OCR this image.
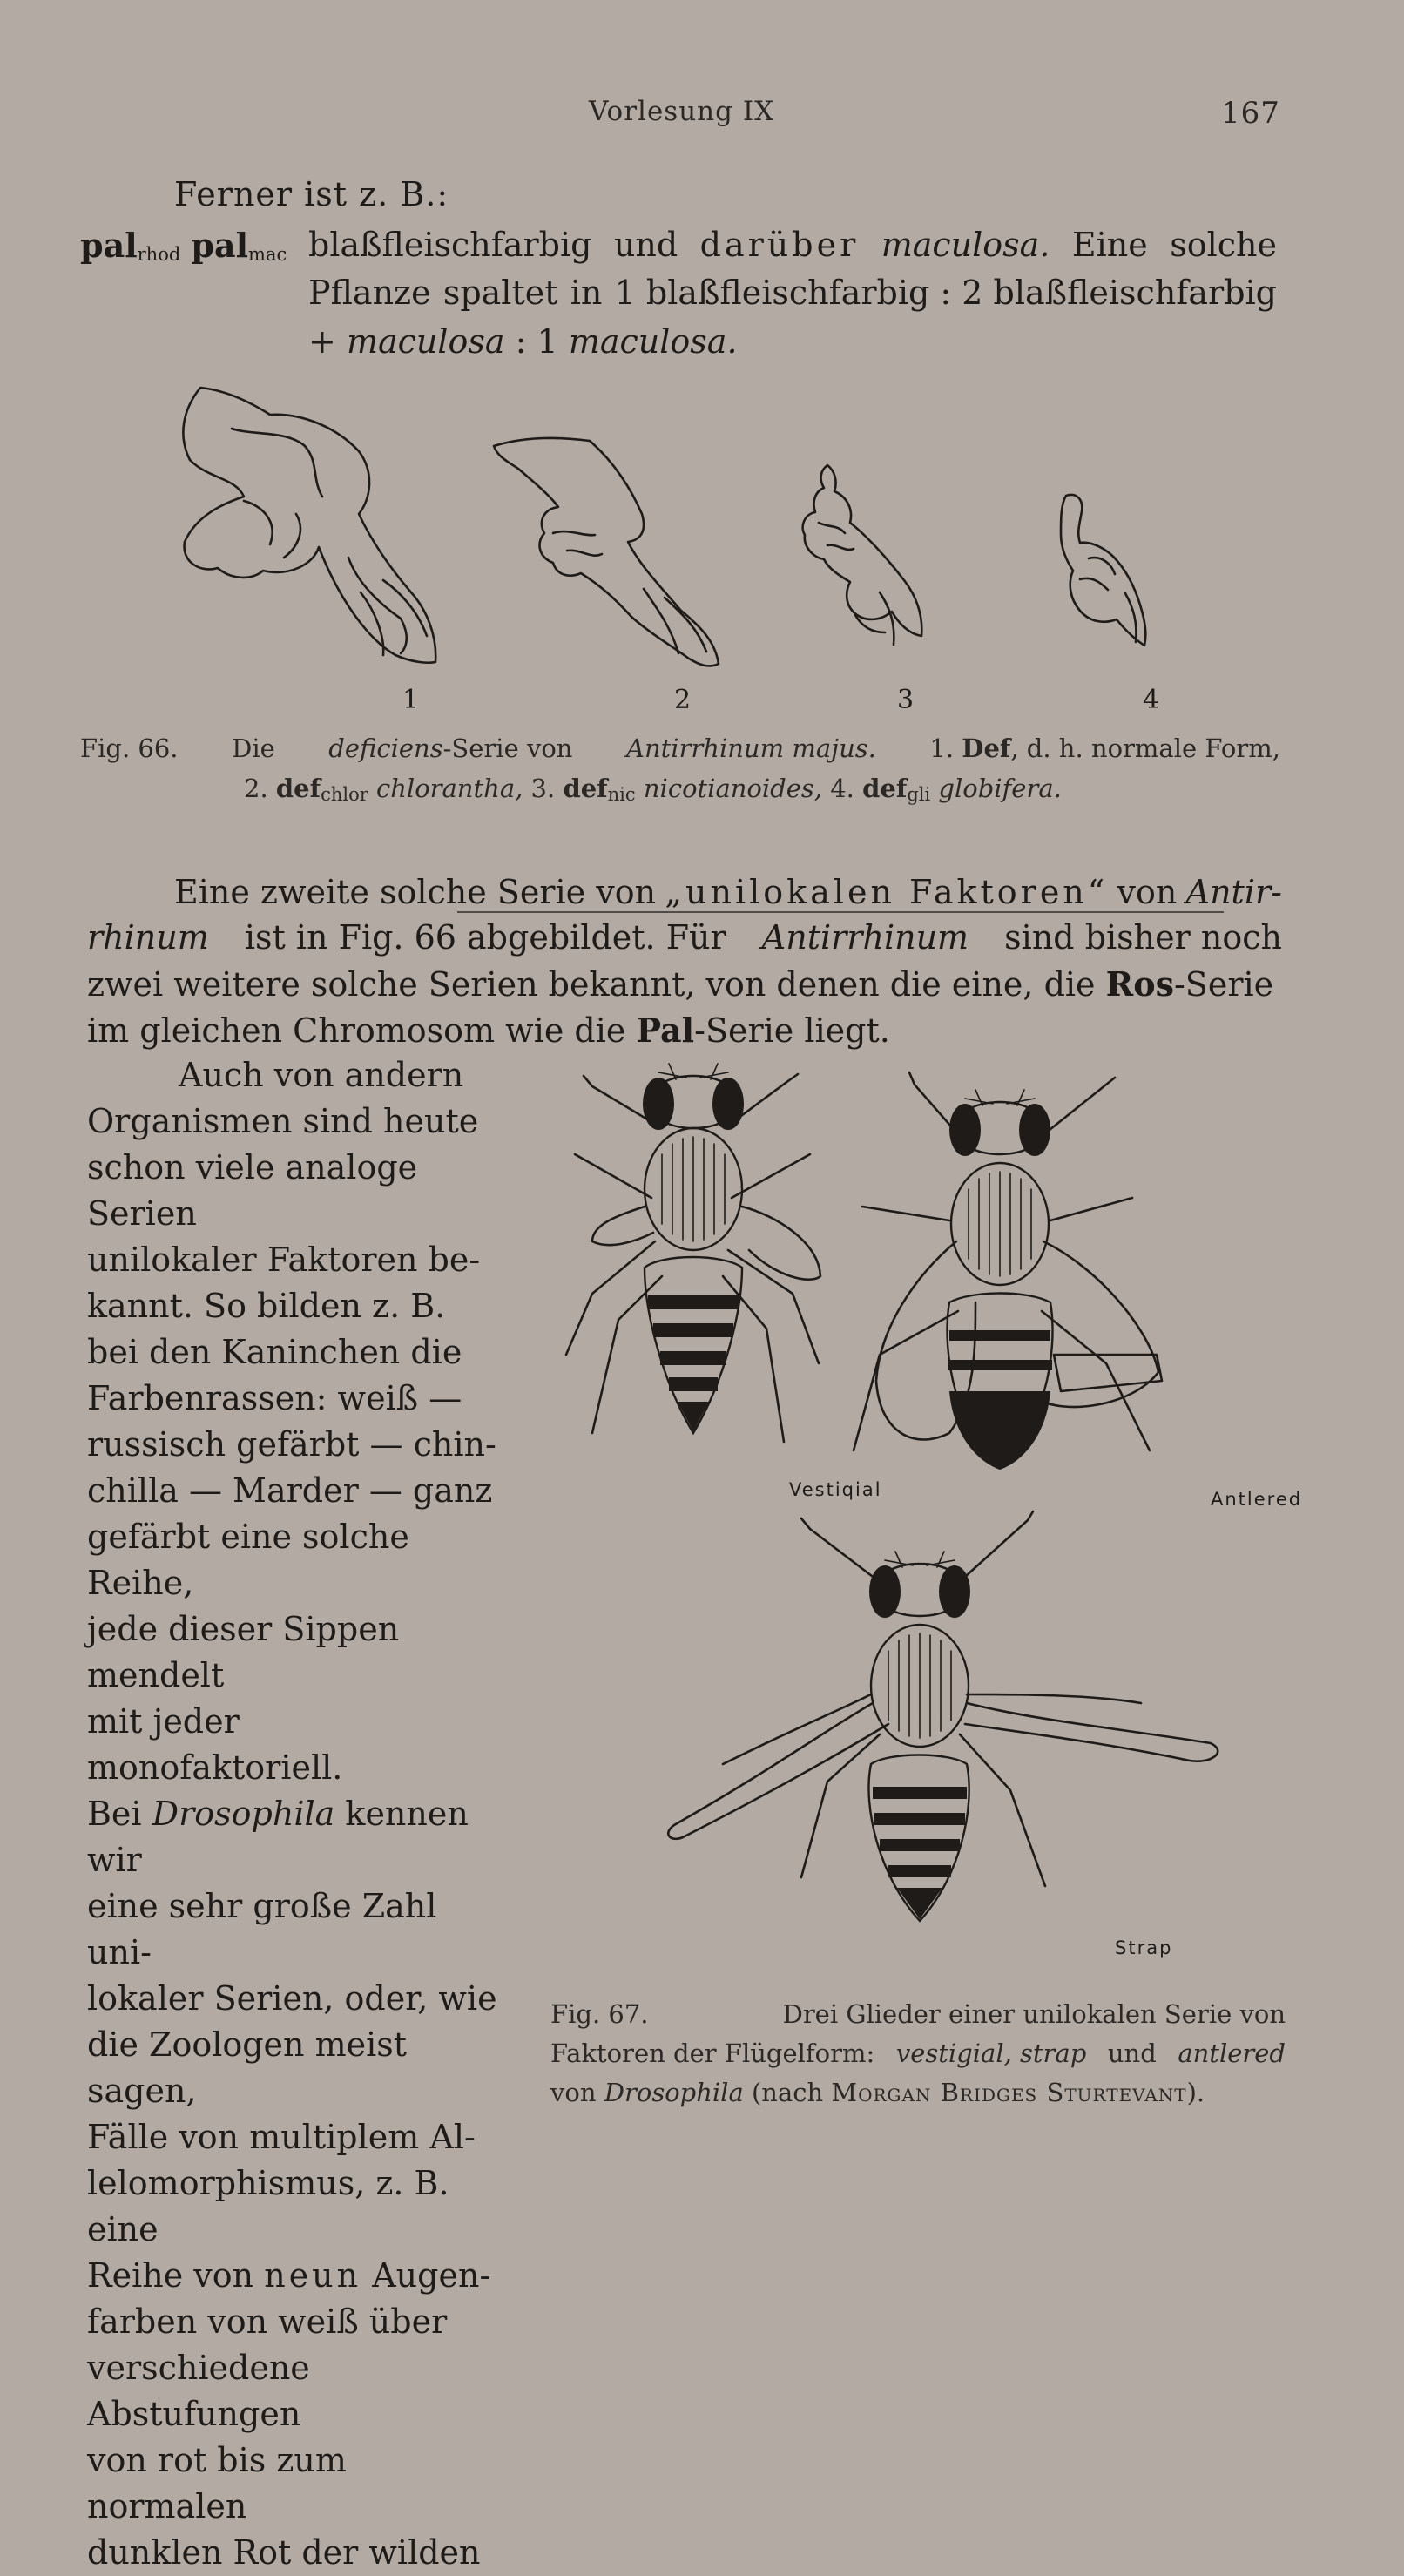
Vorlesung IX	167
Ferner ist z. B.:
pal$_{rhod}$ pal$_{mac}$ blaßfleischfarbig und darüber maculosa. Eine solche
Pflanze spaltet in 1 blaßfleischfarbig : 2 blaßfleischfarbig
+ maculosa : 1 maculosa.
1	2	3	4
Fig. 66. Die deficiens-Serie von Antirrhinum majus. 1. Def, d. h. normale Form,
2. def$_{chlor}$ chlorantha, 3. def$_{nic}$ nicotianoides, 4. def$_{gli}$ globifera.
Eine zweite solche Serie von „unilokalen Faktoren“ von Antir-
rhinum ist in Fig. 66 abgebildet. Für Antirrhinum sind bisher noch
zwei weitere solche Serien bekannt, von denen die eine, die Ros-Serie
im gleichen Chromosom wie die Pal-Serie liegt.
Auch von andern
Organismen sind heute
schon viele analoge Serien
unilokaler Faktoren be-
kannt. So bilden z. B.
bei den Kaninchen die
Farbenrassen: weiß —
russisch gefärbt — chin-
chilla — Marder — ganz
gefärbt eine solche Reihe,
jede dieser Sippen mendelt
mit jeder monofaktoriell.
Bei Drosophila kennen wir
eine sehr große Zahl uni-
lokaler Serien, oder, wie
die Zoologen meist sagen,
Fälle von multiplem Al-
lelomorphismus, z. B. eine
Reihe von neun Augen-
farben von weiß über
verschiedene Abstufungen
von rot bis zum normalen
dunklen Rot der wilden
Vestiqial	Antlered
Strap
Fig. 67.	Drei Glieder einer unilokalen Serie von
Faktoren der Flügelform: vestigial, strap und antlered
von Drosophila (nach Morgan Bridges Sturtevant).
